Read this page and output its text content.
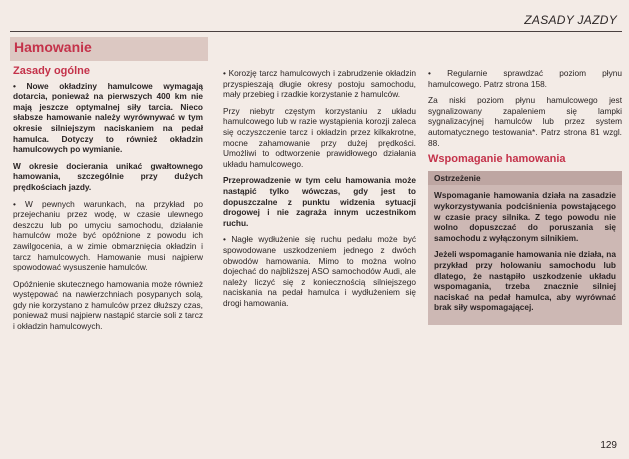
ZASADY JAZDY
Hamowanie
Zasady ogólne

• Nowe okładziny hamulcowe wymagają dotarcia, ponieważ na pierwszych 400 km nie mają jeszcze optymalnej siły tarcia. Nieco słabsze hamowanie należy wyrównywać w tym okresie silniejszym naciskaniem na pedał hamulca. Dotyczy to również okładzin hamulcowych po wymianie.

W okresie docierania unikać gwałtownego hamowania, szczególnie przy dużych prędkościach jazdy.

• W pewnych warunkach, na przykład po przejechaniu przez wodę, w czasie ulewnego deszczu lub po umyciu samochodu, działanie hamulców może być opóźnione z powodu ich zawilgocenia, a w zimie obmarznięcia okładzin i tarcz hamulcowych. Hamowanie musi najpierw spowodować wysuszenie hamulców.

Opóźnienie skutecznego hamowania może również występować na nawierzchniach posypanych solą, gdy nie korzystano z hamulców przez dłuższy czas, ponieważ musi najpierw nastąpić starcie soli z tarcz i okładzin hamulcowych.

• Korozję tarcz hamulcowych i zabrudzenie okładzin przyspieszają długie okresy postoju samochodu, mały przebieg i rzadkie korzystanie z hamulców.

Przy niebytr częstym korzystaniu z układu hamulcowego lub w razie wystąpienia korozji zaleca się oczyszczenie tarcz i okładzin przez kilkakrotne, mocne zahamowanie przy dużej prędkości. Umożliwi to odtworzenie prawidłowego działania układu hamulcowego.

Przeprowadzenie w tym celu hamowania może nastąpić tylko wówczas, gdy jest to dopuszczalne z punktu widzenia sytuacji drogowej i nie zagraża innym uczestnikom ruchu.

• Nagłe wydłużenie się ruchu pedału może być spowodowane uszkodzeniem jednego z dwóch obwodów hamowania. Mimo to można wolno dojechać do najbliższej ASO samochodów Audi, ale należy liczyć się z koniecznością silniejszego naciskania na pedał hamulca i wydłużeniem się drogi hamowania.

• Regularnie sprawdzać poziom płynu hamulcowego. Patrz strona 158.

Za niski poziom płynu hamulcowego jest sygnalizowany zapaleniem się lampki sygnalizacyjnej hamulców lub przez system automatycznego testowania*. Patrz strona 81 wzgl. 88.

Wspomaganie hamowania
Ostrzeżenie

Wspomaganie hamowania działa na zasadzie wykorzystywania podciśnienia powstającego w czasie pracy silnika. Z tego powodu nie wolno dopuszczać do poruszania się samochodu z wyłączonym silnikiem.

Jeżeli wspomaganie hamowania nie działa, na przykład przy holowaniu samochodu lub dlatego, że nastąpiło uszkodzenie układu wspomagania, trzeba znacznie silniej naciskać na pedał hamulca, aby wyrównać brak siły wspomagającej.

129
